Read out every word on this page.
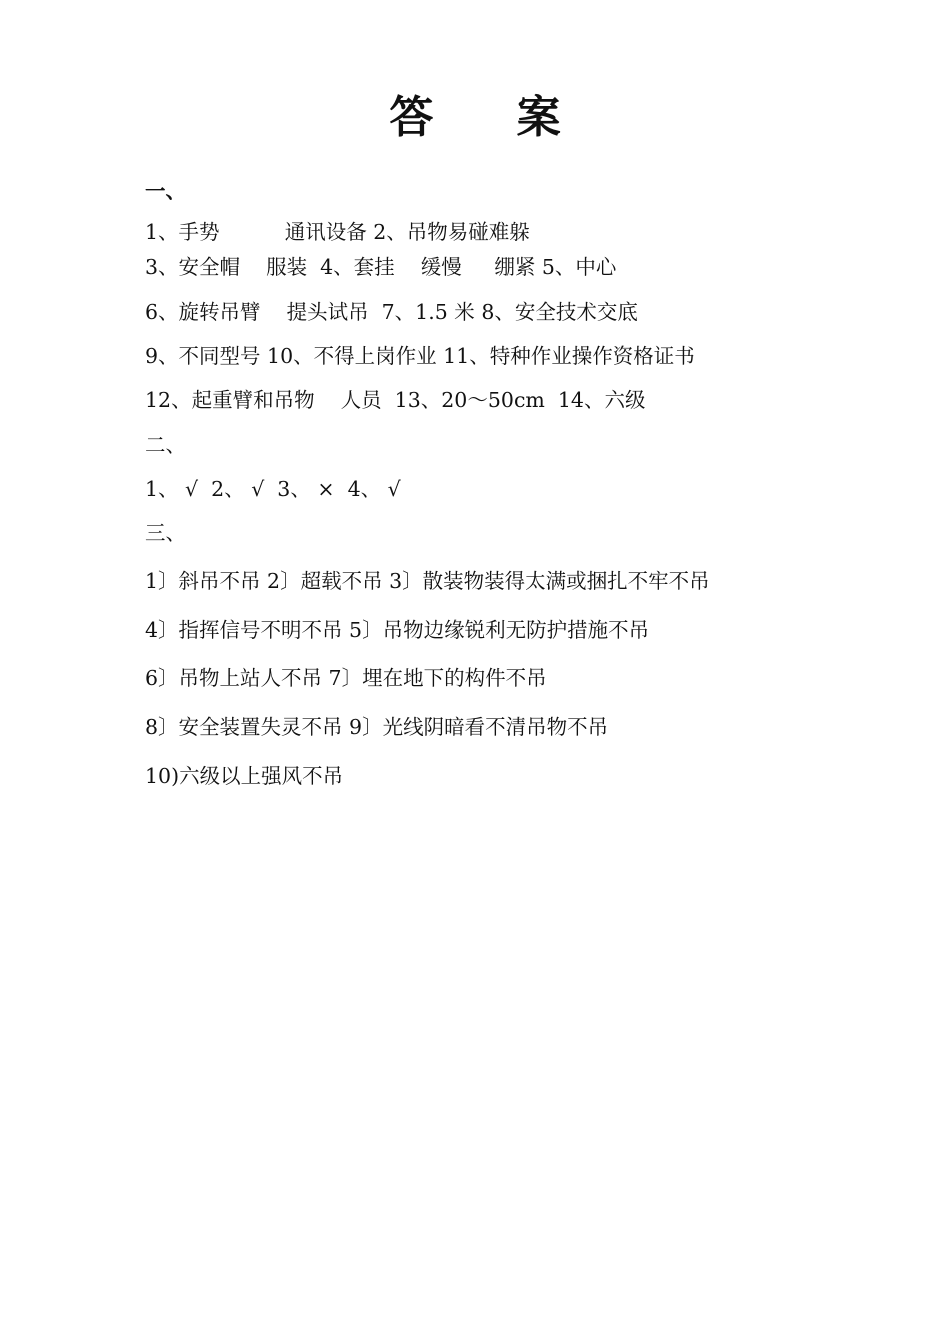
答 案
一、
1、手势          通讯设备 2、吊物易碰难躲
3、安全帽    服装  4、套挂    缓慢     绷紧 5、中心
6、旋转吊臂    提头试吊  7、1.5 米 8、安全技术交底
9、不同型号 10、不得上岗作业 11、特种作业操作资格证书
12、起重臂和吊物    人员  13、20～50cm  14、六级
二、
1、 √  2、 √  3、 ×  4、 √
三、
1〕斜吊不吊 2〕超载不吊 3〕散装物装得太满或捆扎不牢不吊
4〕指挥信号不明不吊 5〕吊物边缘锐利无防护措施不吊
6〕吊物上站人不吊 7〕埋在地下的构件不吊
8〕安全装置失灵不吊 9〕光线阴暗看不清吊物不吊
10)六级以上强风不吊
